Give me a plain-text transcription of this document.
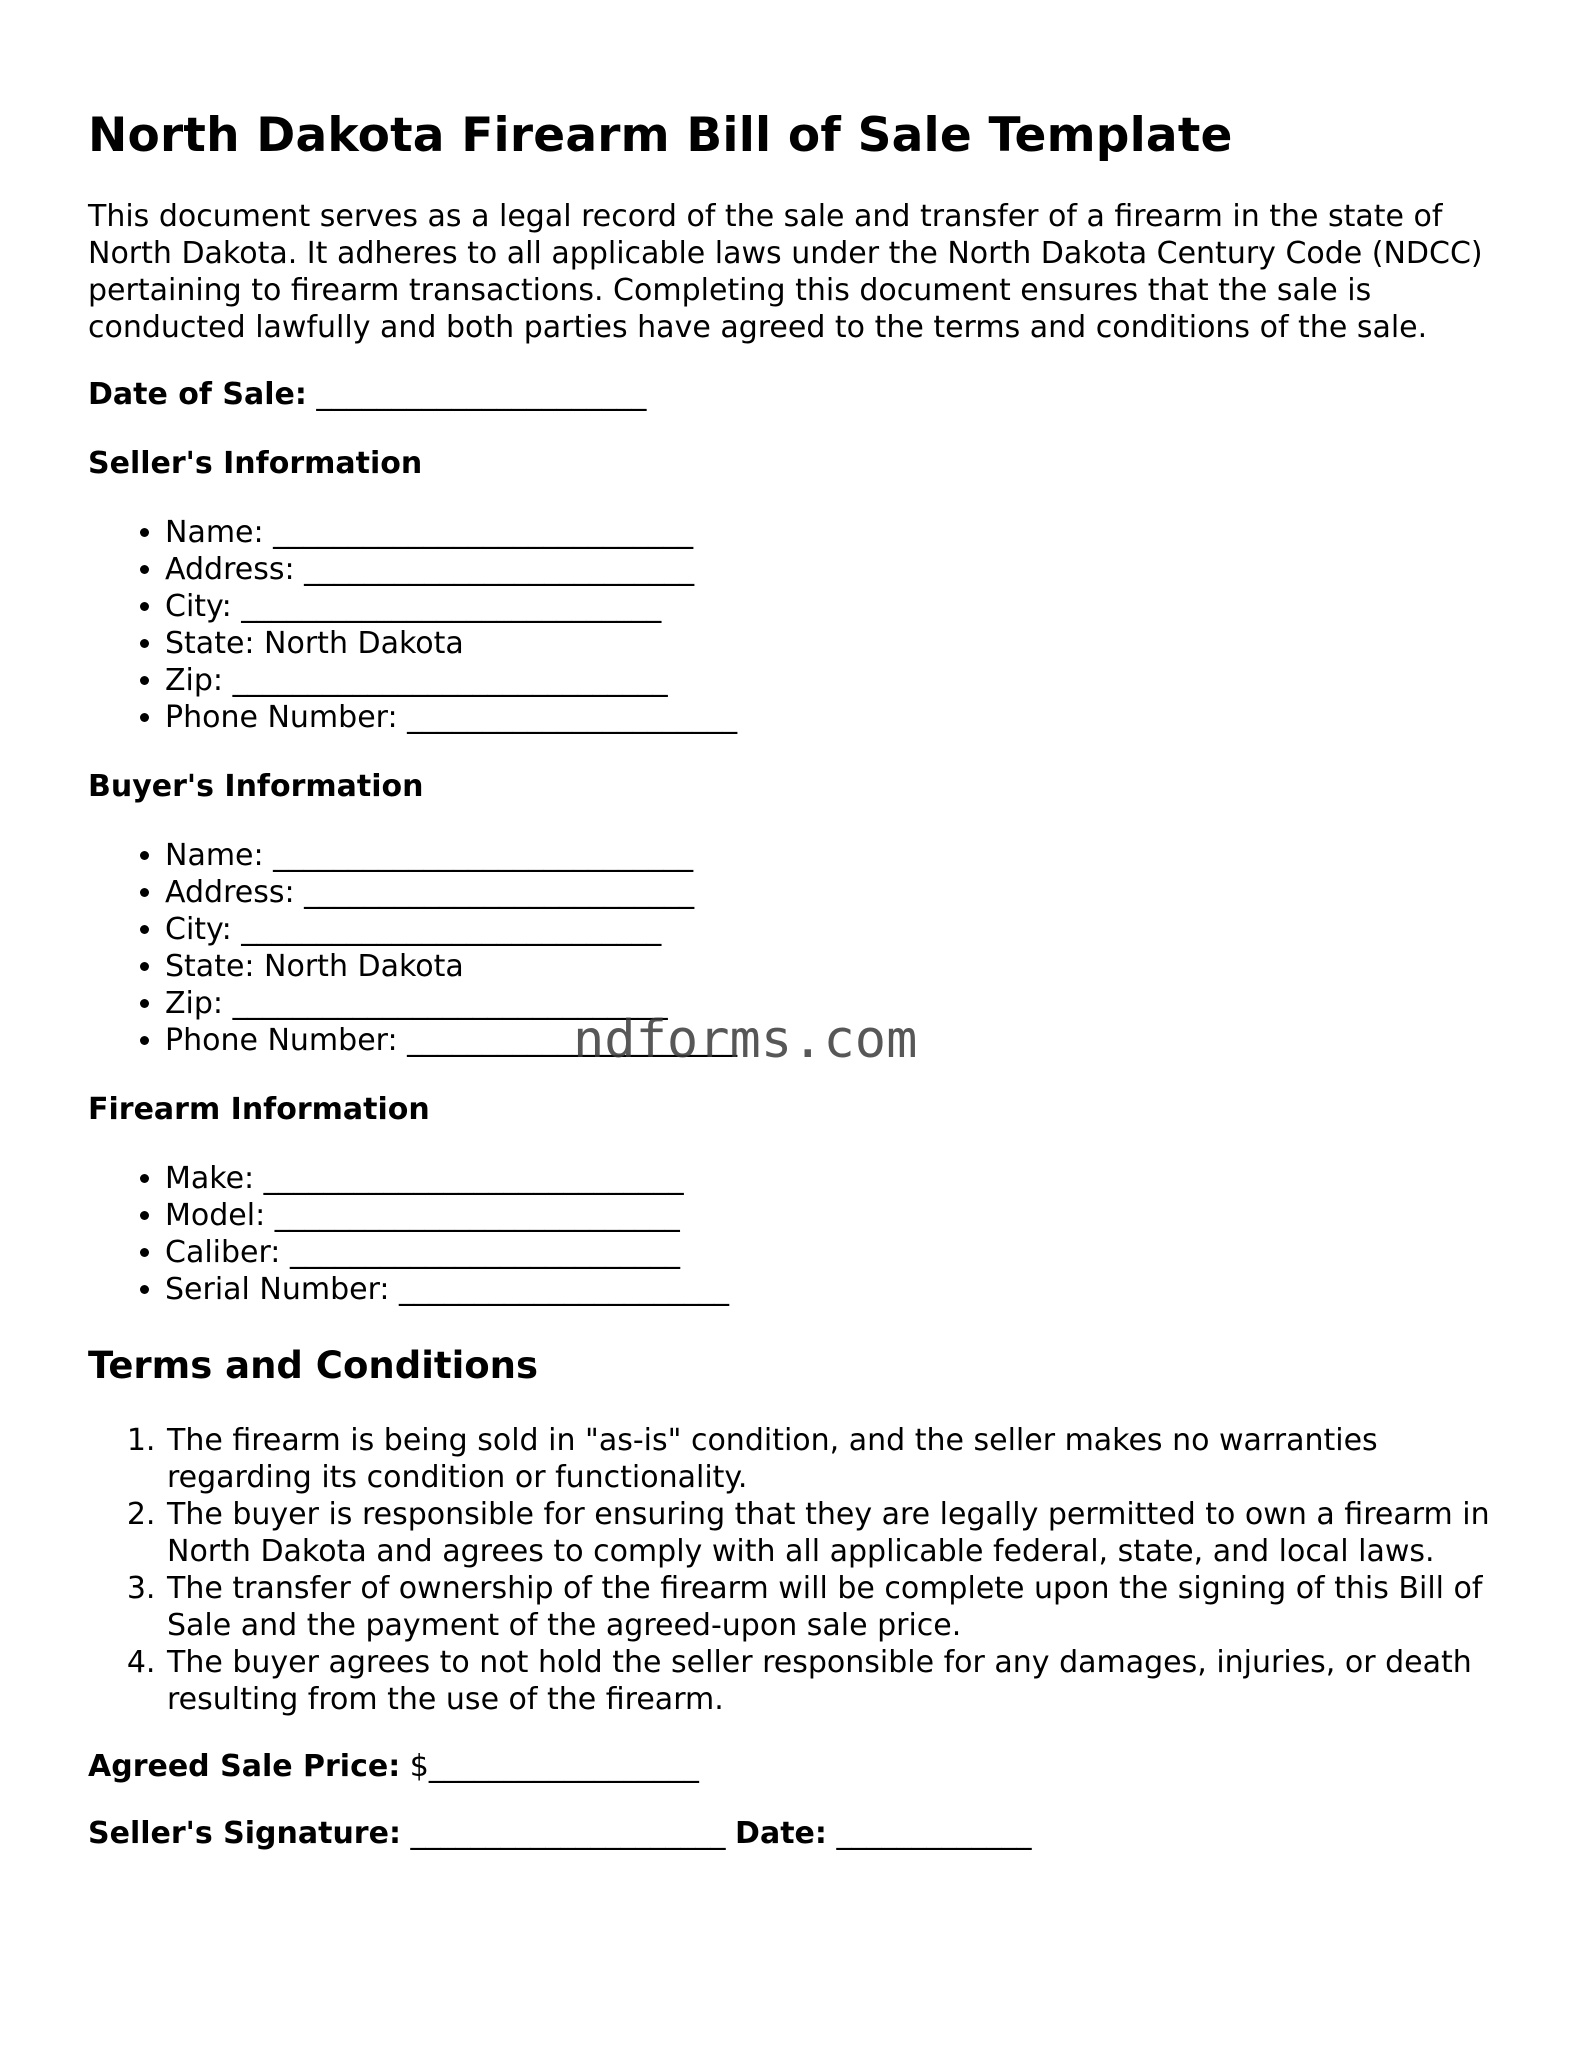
North Dakota Firearm Bill of Sale Template

This document serves as a legal record of the sale and transfer of a firearm in the state of North Dakota. It adheres to all applicable laws under the North Dakota Century Code (NDCC) pertaining to firearm transactions. Completing this document ensures that the sale is conducted lawfully and both parties have agreed to the terms and conditions of the sale.

Date of Sale: ______________________

Seller's Information
• Name: ____________________________
• Address: __________________________
• City: ____________________________
• State: North Dakota
• Zip: _____________________________
• Phone Number: ______________________
Buyer's Information
• Name: ____________________________
• Address: __________________________
• City: ____________________________
• State: North Dakota
• Zip: _____________________________
• Phone Number: ______________________
Firearm Information
• Make: ____________________________
• Model: ___________________________
• Caliber: __________________________
• Serial Number: ______________________
Terms and Conditions
1. The firearm is being sold in "as-is" condition, and the seller makes no warranties regarding its condition or functionality.
2. The buyer is responsible for ensuring that they are legally permitted to own a firearm in North Dakota and agrees to comply with all applicable federal, state, and local laws.
3. The transfer of ownership of the firearm will be complete upon the signing of this Bill of Sale and the payment of the agreed-upon sale price.
4. The buyer agrees to not hold the seller responsible for any damages, injuries, or death resulting from the use of the firearm.

Agreed Sale Price: $__________________

Seller's Signature: _____________________ Date: _____________

ndforms.com
